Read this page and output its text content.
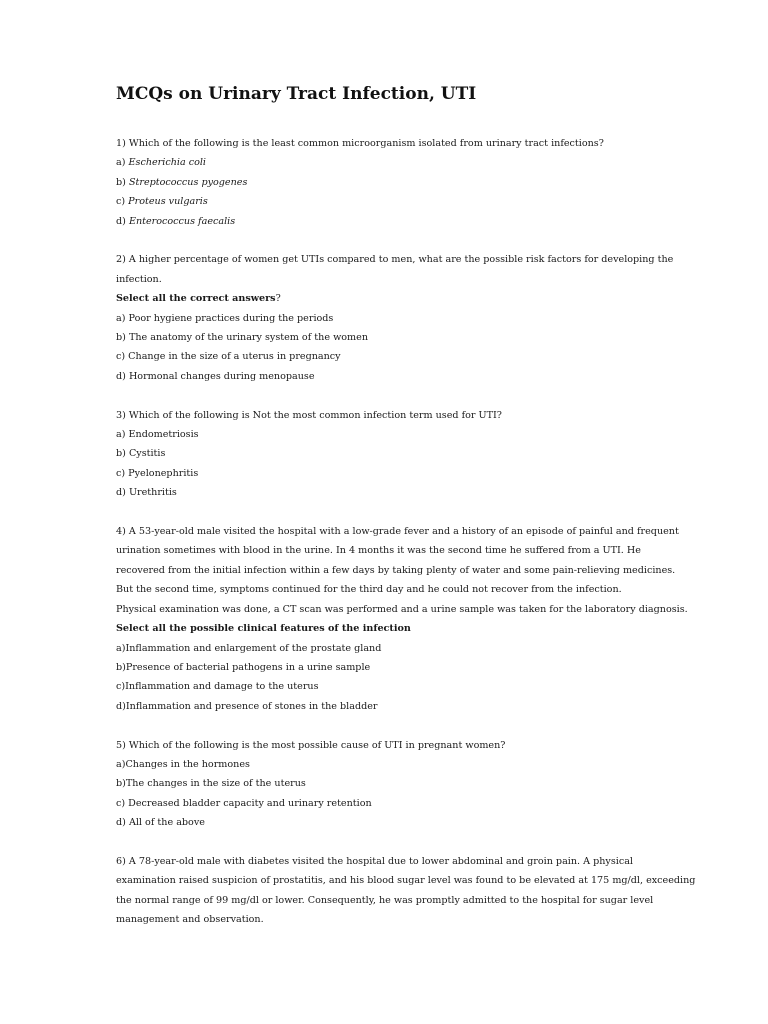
MCQs on Urinary Tract Infection, UTI
1) Which of the following is the least common microorganism isolated from urinary tract infections?
a) Escherichia coli
b) Streptococcus pyogenes
c) Proteus vulgaris
d) Enterococcus faecalis
2) A higher percentage of women get UTIs compared to men, what are the possible risk factors for developing the
infection.
Select all the correct answers?
a) Poor hygiene practices during the periods
b) The anatomy of the urinary system of the women
c) Change in the size of a uterus in pregnancy
d) Hormonal changes during menopause
3) Which of the following is Not the most common infection term used for UTI?
a) Endometriosis
b) Cystitis
c) Pyelonephritis
d) Urethritis
4) A 53-year-old male visited the hospital with a low-grade fever and a history of an episode of painful and frequent
urination sometimes with blood in the urine. In 4 months it was the second time he suffered from a UTI. He
recovered from the initial infection within a few days by taking plenty of water and some pain-relieving medicines.
But the second time, symptoms continued for the third day and he could not recover from the infection.
Physical examination was done, a CT scan was performed and a urine sample was taken for the laboratory diagnosis.
Select all the possible clinical features of the infection
a)Inflammation and enlargement of the prostate gland
b)Presence of bacterial pathogens in a urine sample
c)Inflammation and damage to the uterus
d)Inflammation and presence of stones in the bladder
5) Which of the following is the most possible cause of UTI in pregnant women?
a)Changes in the hormones
b)The changes in the size of the uterus
c) Decreased bladder capacity and urinary retention
d) All of the above
6) A 78-year-old male with diabetes visited the hospital due to lower abdominal and groin pain. A physical
examination raised suspicion of prostatitis, and his blood sugar level was found to be elevated at 175 mg/dl, exceeding
the normal range of 99 mg/dl or lower. Consequently, he was promptly admitted to the hospital for sugar level
management and observation.
